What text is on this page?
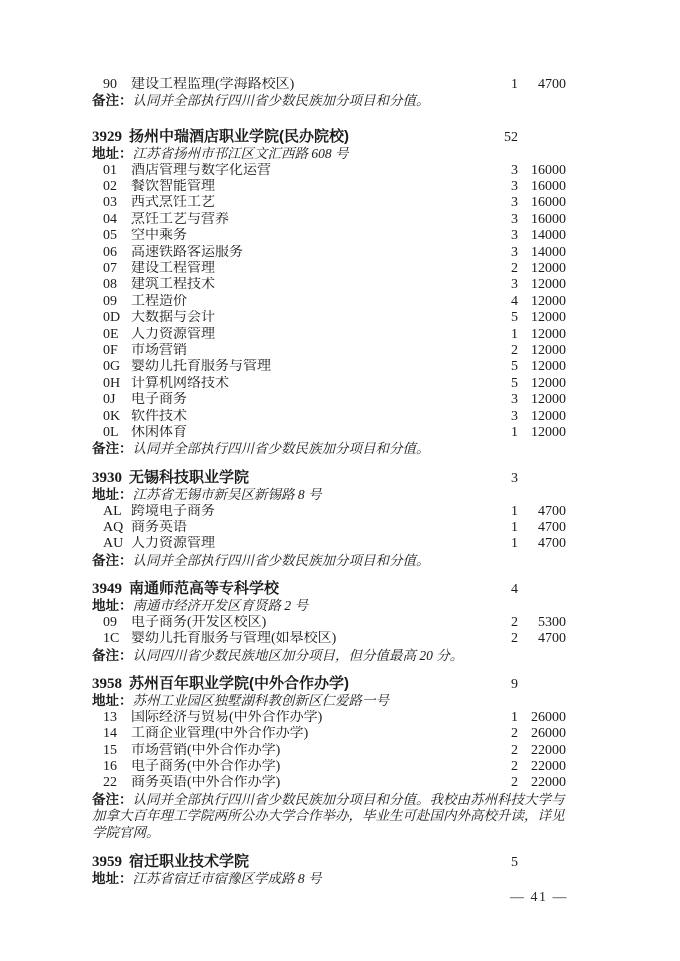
90	建设工程监理(学海路校区)	1	4700
备注：认同并全部执行四川省少数民族加分项目和分值。
3929 扬州中瑞酒店职业学院(民办院校)	52
地址：江苏省扬州市邗江区文汇西路 608 号
01	酒店管理与数字化运营	3 16000
02	餐饮智能管理	3 16000
03	西式烹饪工艺	3 16000
04	烹饪工艺与营养	3 16000
05	空中乘务	3 14000
06	高速铁路客运服务	3 14000
07	建设工程管理	2 12000
08	建筑工程技术	3 12000
09	工程造价	4 12000
0D 大数据与会计	5 12000
0E 人力资源管理	1 12000
0F 市场营销	2 12000
0G 婴幼儿托育服务与管理	5 12000
0H 计算机网络技术	5 12000
0J	电子商务	3 12000
0K 软件技术	3 12000
0L 休闲体育	1 12000
备注：认同并全部执行四川省少数民族加分项目和分值。
3930 无锡科技职业学院	3
地址：江苏省无锡市新吴区新锡路 8 号
AL 跨境电子商务	1	4700
AQ 商务英语	1	4700
AU 人力资源管理	1	4700
备注：认同并全部执行四川省少数民族加分项目和分值。
3949 南通师范高等专科学校	4
地址：南通市经济开发区育贤路 2 号
09	电子商务(开发区校区)	2	5300
1C 婴幼儿托育服务与管理(如皋校区)	2	4700
备注：认同四川省少数民族地区加分项目，但分值最高 20 分。
3958 苏州百年职业学院(中外合作办学)	9
地址：苏州工业园区独墅湖科教创新区仁爱路一号
13	国际经济与贸易(中外合作办学)	1 26000
14	工商企业管理(中外合作办学)	2 26000
15	市场营销(中外合作办学)	2 22000
16	电子商务(中外合作办学)	2 22000
22	商务英语(中外合作办学)	2 22000
备注：认同并全部执行四川省少数民族加分项目和分值。我校由苏州科技大学与加拿大百年理工学院两所公办大学合作举办，毕业生可赴国内外高校升读，详见学院官网。
3959 宿迁职业技术学院	5
地址：江苏省宿迁市宿豫区学成路 8 号
— 41 —
